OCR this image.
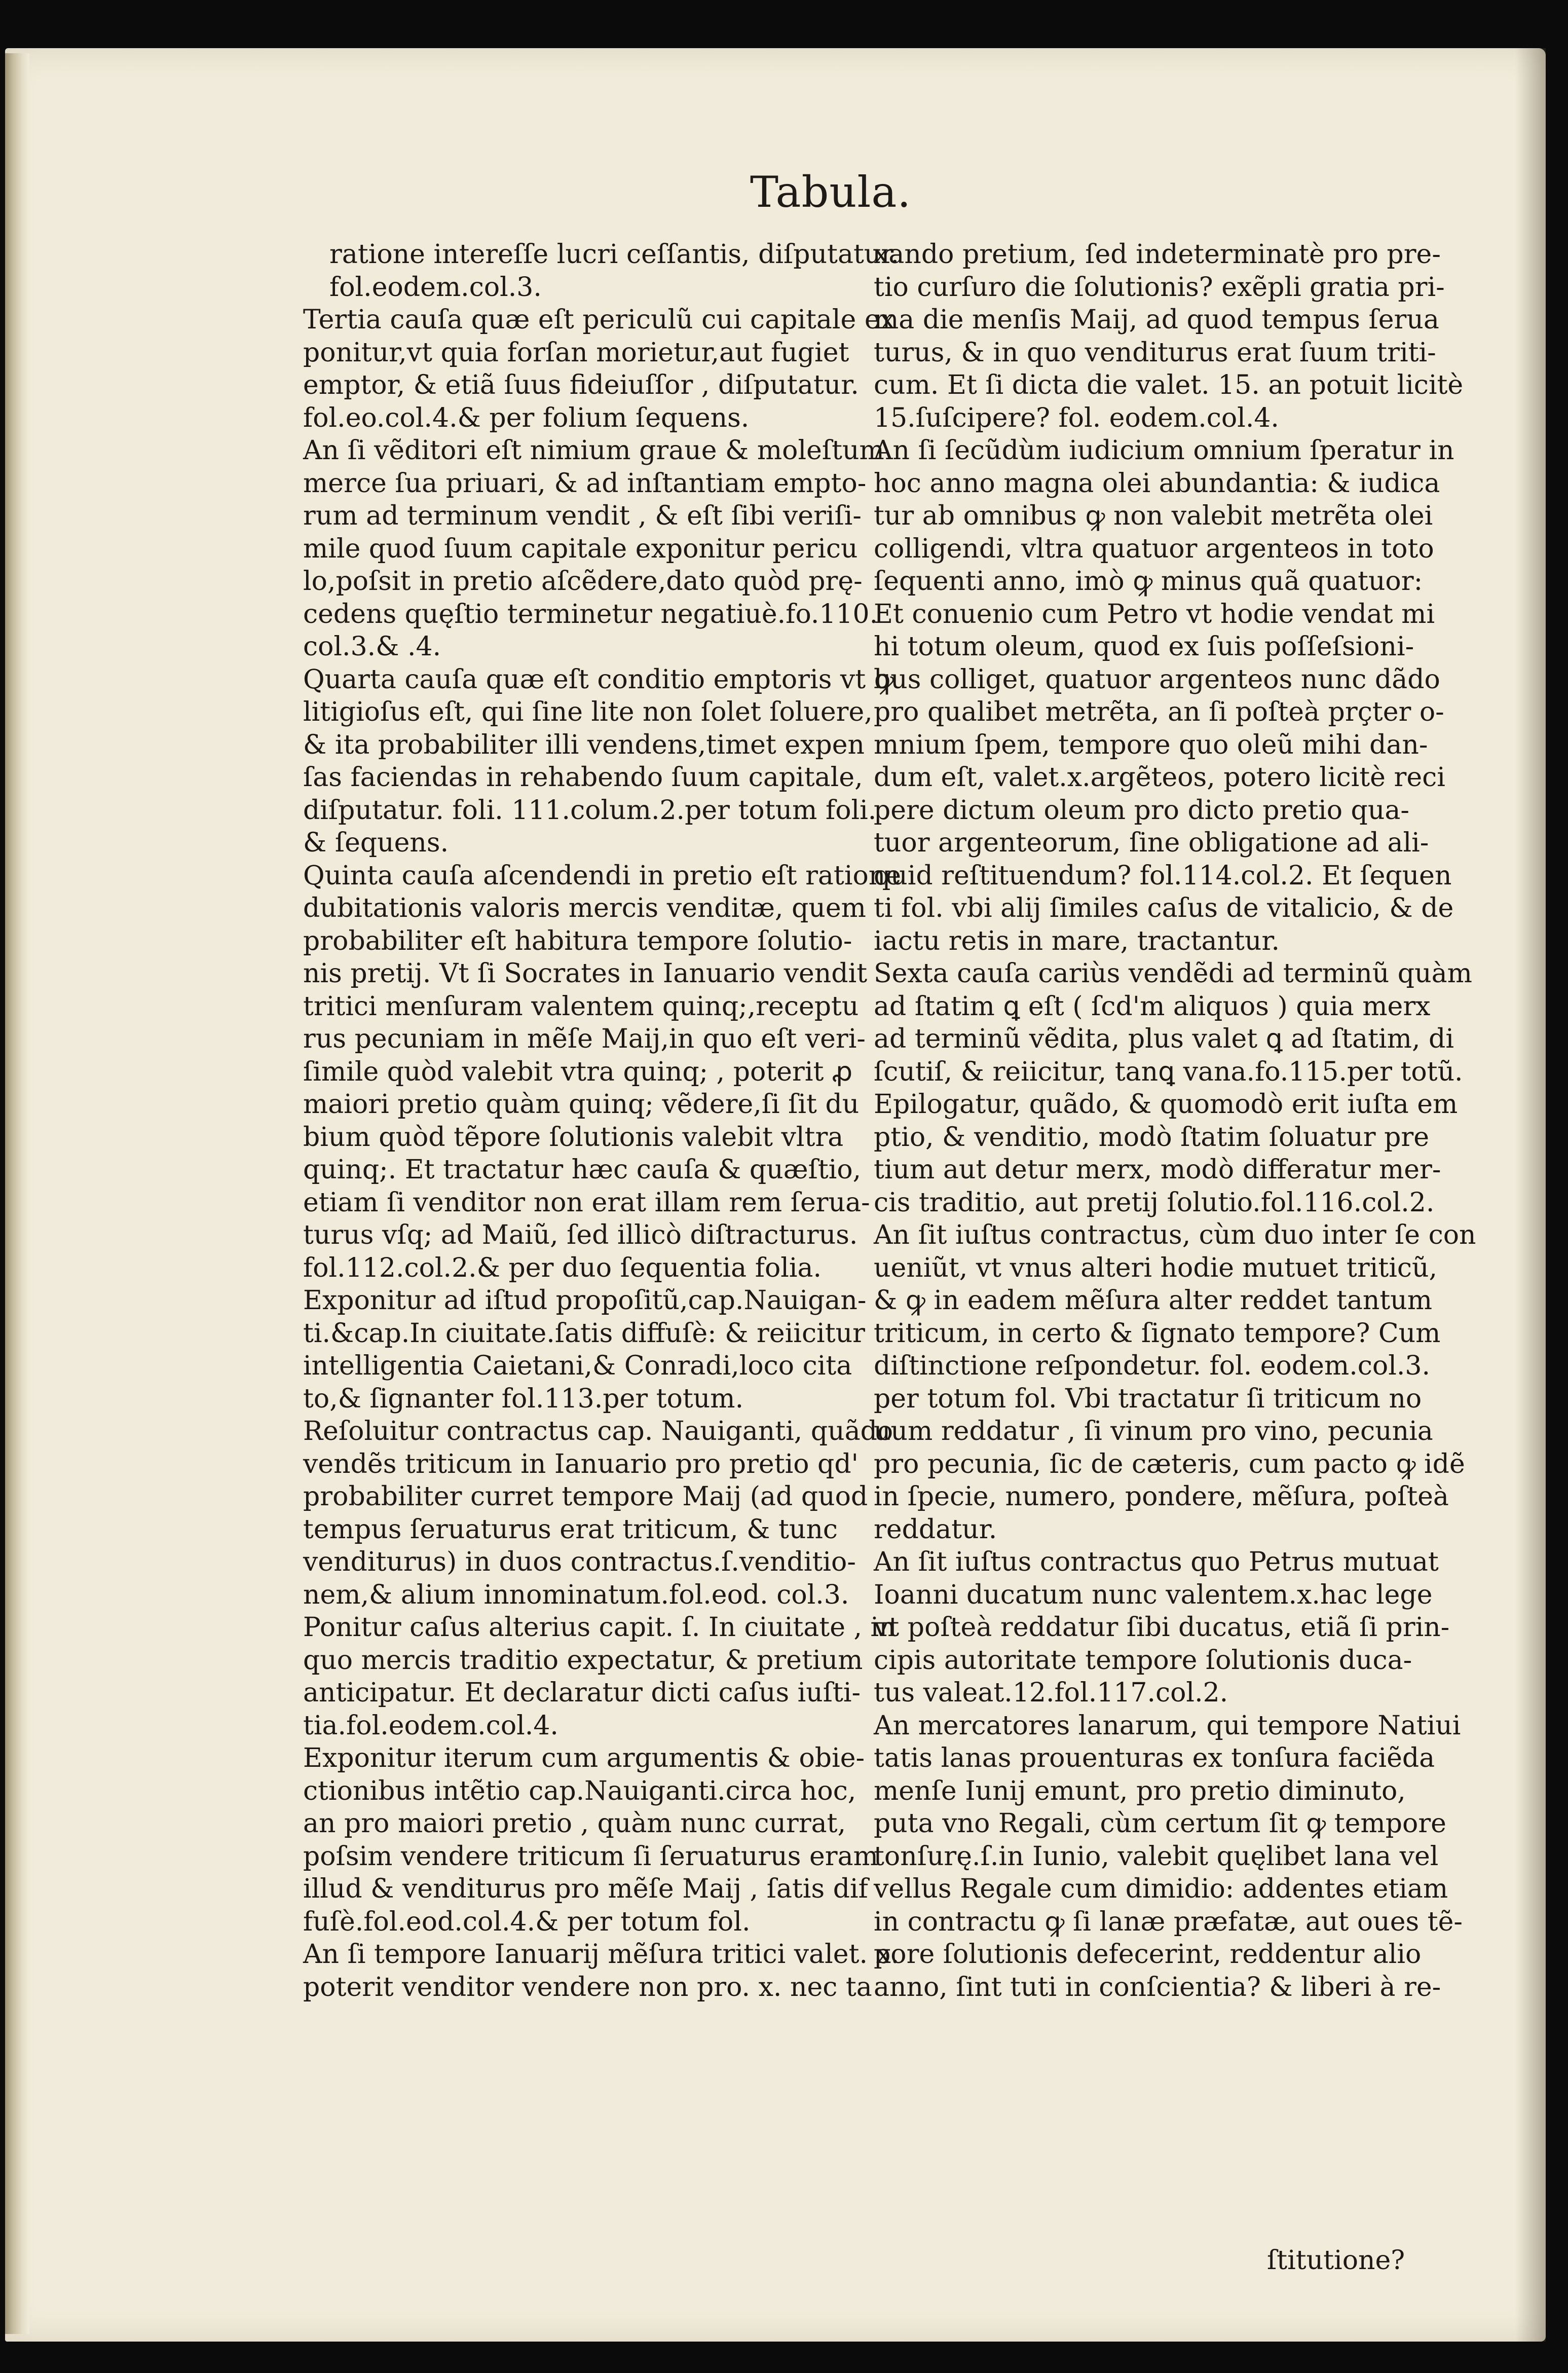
Tabula.
ratione intereſſe lucri ceſſantis, diſputatur.
fol.eodem.col.3.
Tertia cauſa quæ eſt periculũ cui capitale ex
ponitur,vt quia forſan morietur,aut fugiet
emptor, & etiã ſuus fideiuſſor , diſputatur.
fol.eo.col.4.& per folium ſequens.
An ſi vẽditori eſt nimium graue & moleſtum
merce ſua priuari, & ad inſtantiam empto-
rum ad terminum vendit , & eſt ſibi veriſi-
mile quod ſuum capitale exponitur pericu
lo,poſsit in pretio aſcẽdere,dato quòd prę-
cedens quęſtio terminetur negatiuè.fo.110.
col.3.& .4.
Quarta cauſa quæ eſt conditio emptoris vt ꝙ
litigioſus eſt, qui ſine lite non ſolet ſoluere,
& ita probabiliter illi vendens,timet expen
ſas faciendas in rehabendo ſuum capitale,
diſputatur. foli. 111.colum.2.per totum foli.
& ſequens.
Quinta cauſa aſcendendi in pretio eſt ratione
dubitationis valoris mercis venditæ, quem
probabiliter eſt habitura tempore ſolutio-
nis pretij. Vt ſi Socrates in Ianuario vendit
tritici menſuram valentem quinq;,receptu
rus pecuniam in mẽſe Maij,in quo eſt veri-
ſimile quòd valebit vtra quinq; , poterit ꝓ
maiori pretio quàm quinq; vẽdere,ſi ſit du
bium quòd tẽpore ſolutionis valebit vltra
quinq;. Et tractatur hæc cauſa & quæſtio,
etiam ſi venditor non erat illam rem ſerua-
turus vſq; ad Maiũ, ſed illicò diſtracturus.
fol.112.col.2.& per duo ſequentia folia.
Exponitur ad iſtud propoſitũ,cap.Nauigan-
ti.&cap.In ciuitate.ſatis diffuſè: & reiicitur
intelligentia Caietani,& Conradi,loco cita
to,& ſignanter fol.113.per totum.
Reſoluitur contractus cap. Nauiganti, quãdo
vendẽs triticum in Ianuario pro pretio qd'
probabiliter curret tempore Maij (ad quod
tempus ſeruaturus erat triticum, & tunc
venditurus) in duos contractus.ſ.venditio-
nem,& alium innominatum.fol.eod. col.3.
Ponitur caſus alterius capit. ſ. In ciuitate , in
quo mercis traditio expectatur, & pretium
anticipatur. Et declaratur dicti caſus iuſti-
tia.fol.eodem.col.4.
Exponitur iterum cum argumentis & obie-
ctionibus intẽtio cap.Nauiganti.circa hoc,
an pro maiori pretio , quàm nunc currat,
poſsim vendere triticum ſi ſeruaturus eram
illud & venditurus pro mẽſe Maij , ſatis dif
fuſè.fol.eod.col.4.& per totum fol.
An ſi tempore Ianuarij mẽſura tritici valet. x.
poterit venditor vendere non pro. x. nec ta
xando pretium, ſed indeterminatè pro pre-
tio curſuro die ſolutionis? exẽpli gratia pri-
ma die menſis Maij, ad quod tempus ſerua
turus, & in quo venditurus erat ſuum triti-
cum. Et ſi dicta die valet. 15. an potuit licitè
15.ſuſcipere? fol. eodem.col.4.
An ſi ſecũdùm iudicium omnium ſperatur in
hoc anno magna olei abundantia: & iudica
tur ab omnibus ꝙ non valebit metrẽta olei
colligendi, vltra quatuor argenteos in toto
ſequenti anno, imò ꝙ minus quã quatuor:
Et conuenio cum Petro vt hodie vendat mi
hi totum oleum, quod ex ſuis poſſeſsioni-
bus colliget, quatuor argenteos nunc dãdo
pro qualibet metrẽta, an ſi poſteà prçter o-
mnium ſpem, tempore quo oleũ mihi dan-
dum eſt, valet.x.argẽteos, potero licitè reci
pere dictum oleum pro dicto pretio qua-
tuor argenteorum, ſine obligatione ad ali-
quid reſtituendum? fol.114.col.2. Et ſequen
ti fol. vbi alij ſimiles caſus de vitalicio, & de
iactu retis in mare, tractantur.
Sexta cauſa cariùs vendẽdi ad terminũ quàm
ad ſtatim ꝗ eſt ( ſcd'm aliquos ) quia merx
ad terminũ vẽdita, plus valet ꝗ ad ſtatim, di
ſcutiſ, & reiicitur, tanꝗ vana.fo.115.per totũ.
Epilogatur, quãdo, & quomodò erit iuſta em
ptio, & venditio, modò ſtatim ſoluatur pre
tium aut detur merx, modò differatur mer-
cis traditio, aut pretij ſolutio.fol.116.col.2.
An ſit iuſtus contractus, cùm duo inter ſe con
ueniũt, vt vnus alteri hodie mutuet triticũ,
& ꝙ in eadem mẽſura alter reddet tantum
triticum, in certo & ſignato tempore? Cum
diſtinctione reſpondetur. fol. eodem.col.3.
per totum fol. Vbi tractatur ſi triticum no
uum reddatur , ſi vinum pro vino, pecunia
pro pecunia, ſic de cæteris, cum pacto ꝙ idẽ
in ſpecie, numero, pondere, mẽſura, poſteà
reddatur.
An ſit iuſtus contractus quo Petrus mutuat
Ioanni ducatum nunc valentem.x.hac lege
vt poſteà reddatur ſibi ducatus, etiã ſi prin-
cipis autoritate tempore ſolutionis duca-
tus valeat.12.fol.117.col.2.
An mercatores lanarum, qui tempore Natiui
tatis lanas prouenturas ex tonſura faciẽda
menſe Iunij emunt, pro pretio diminuto,
puta vno Regali, cùm certum ſit ꝙ tempore
tonſurę.ſ.in Iunio, valebit quęlibet lana vel
vellus Regale cum dimidio: addentes etiam
in contractu ꝙ ſi lanæ præfatæ, aut oues tẽ-
pore ſolutionis defecerint, reddentur alio
anno, ſint tuti in conſcientia? & liberi à re-
ſtitutione?
